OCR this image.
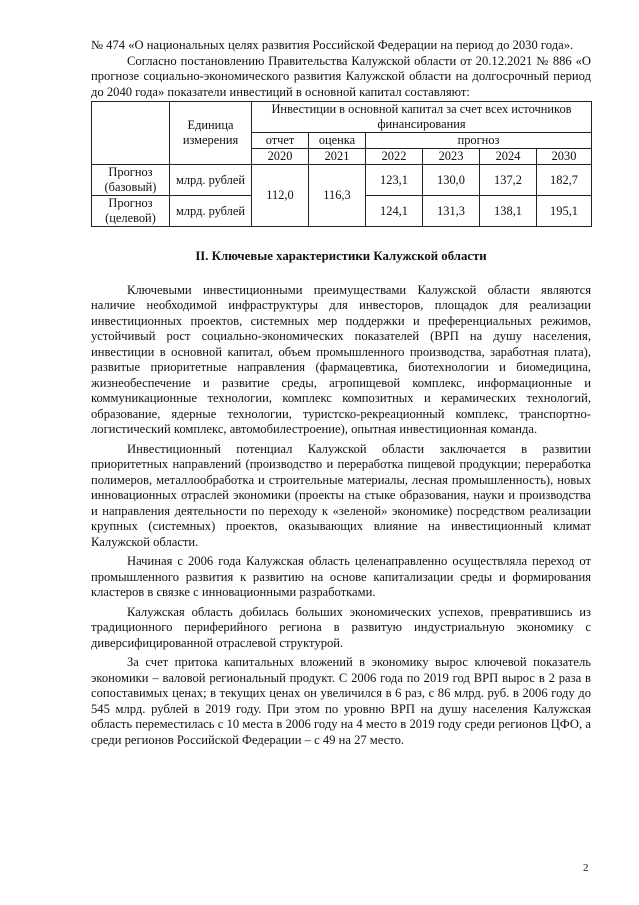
№ 474 «О национальных целях развития Российской Федерации на период до 2030 года».

Согласно постановлению Правительства Калужской области от 20.12.2021 № 886 «О прогнозе социально-экономического развития Калужской области на долгосрочный период до 2040 года» показатели инвестиций в основной капитал составляют:

	Единица измерения	Инвестиции в основной капитал за счет всех источников финансирования					
		отчет	оценка	прогноз			
		2020	2021	2022	2023	2024	2030
Прогноз (базовый)	млрд. рублей	112,0	116,3	123,1	130,0	137,2	182,7
Прогноз (целевой)	млрд. рублей			124,1	131,3	138,1	195,1
II. Ключевые характеристики Калужской области

Ключевыми инвестиционными преимуществами Калужской области являются наличие необходимой инфраструктуры для инвесторов, площадок для реализации инвестиционных проектов, системных мер поддержки и преференциальных режимов, устойчивый рост социально-экономических показателей (ВРП на душу населения, инвестиции в основной капитал, объем промышленного производства, заработная плата), развитые приоритетные направления (фармацевтика, биотехнологии и биомедицина, жизнеобеспечение и развитие среды, агропищевой комплекс, информационные и коммуникационные технологии, комплекс композитных и керамических технологий, образование, ядерные технологии, туристско-рекреационный комплекс, транспортно-логистический комплекс, автомобилестроение), опытная инвестиционная команда.

Инвестиционный потенциал Калужской области заключается в развитии приоритетных направлений (производство и переработка пищевой продукции; переработка полимеров, металлообработка и строительные материалы, лесная промышленность), новых инновационных отраслей экономики (проекты на стыке образования, науки и производства и направления деятельности по переходу к «зеленой» экономике) посредством реализации крупных (системных) проектов, оказывающих влияние на инвестиционный климат Калужской области.

Начиная с 2006 года Калужская область целенаправленно осуществляла переход от промышленного развития к развитию на основе капитализации среды и формирования кластеров в связке с инновационными разработками.

Калужская область добилась больших экономических успехов, превратившись из традиционного периферийного региона в развитую индустриальную экономику с диверсифицированной отраслевой структурой.

За счет притока капитальных вложений в экономику вырос ключевой показатель экономики – валовой региональный продукт. С 2006 года по 2019 год ВРП вырос в 2 раза в сопоставимых ценах; в текущих ценах он увеличился в 6 раз, с 86 млрд. руб. в 2006 году до 545 млрд. рублей в 2019 году. При этом по уровню ВРП на душу населения Калужская область переместилась с 10 места в 2006 году на 4 место в 2019 году среди регионов ЦФО, а среди регионов Российской Федерации – с 49 на 27 место.

2
